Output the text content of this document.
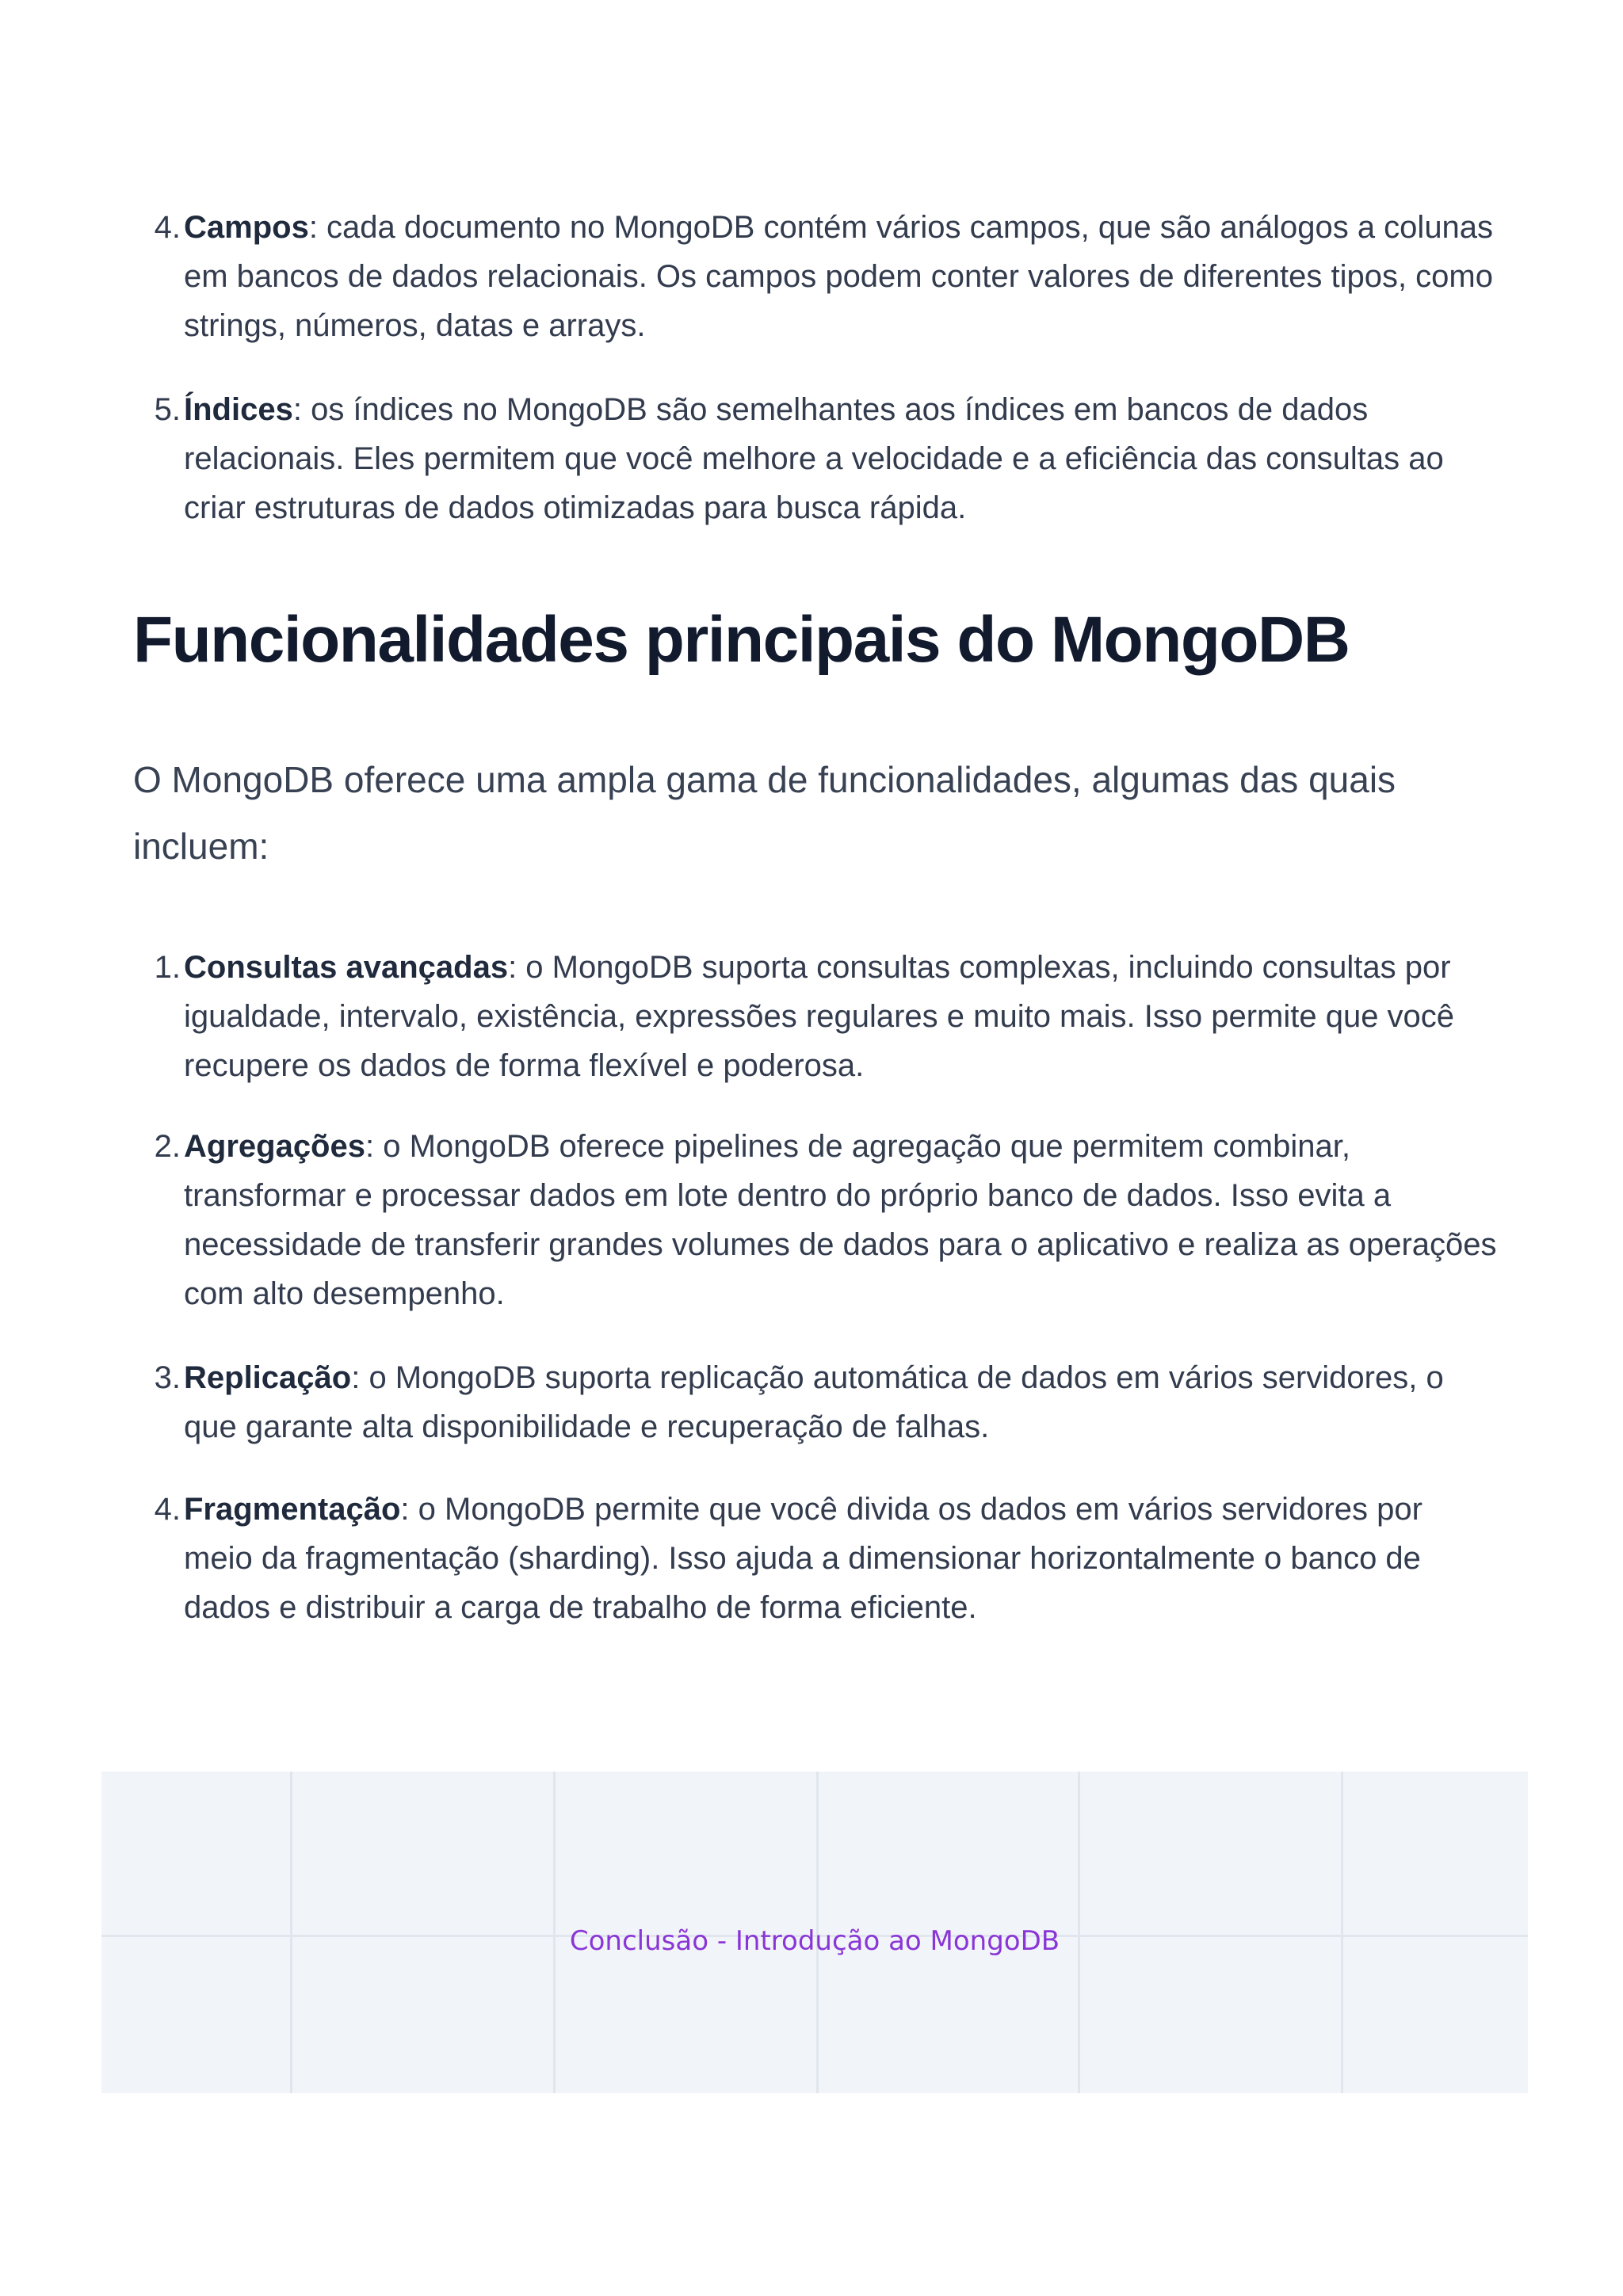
4. Campos: cada documento no MongoDB contém vários campos, que são análogos a colunas em bancos de dados relacionais. Os campos podem conter valores de diferentes tipos, como strings, números, datas e arrays.
5. Índices: os índices no MongoDB são semelhantes aos índices em bancos de dados relacionais. Eles permitem que você melhore a velocidade e a eficiência das consultas ao criar estruturas de dados otimizadas para busca rápida.
Funcionalidades principais do MongoDB

O MongoDB oferece uma ampla gama de funcionalidades, algumas das quais incluem:

1. Consultas avançadas: o MongoDB suporta consultas complexas, incluindo consultas por igualdade, intervalo, existência, expressões regulares e muito mais. Isso permite que você recupere os dados de forma flexível e poderosa.
2. Agregações: o MongoDB oferece pipelines de agregação que permitem combinar, transformar e processar dados em lote dentro do próprio banco de dados. Isso evita a necessidade de transferir grandes volumes de dados para o aplicativo e realiza as operações com alto desempenho.
3. Replicação: o MongoDB suporta replicação automática de dados em vários servidores, o que garante alta disponibilidade e recuperação de falhas.
4. Fragmentação: o MongoDB permite que você divida os dados em vários servidores por meio da fragmentação (sharding). Isso ajuda a dimensionar horizontalmente o banco de dados e distribuir a carga de trabalho de forma eficiente.
Conclusão - Introdução ao MongoDB
